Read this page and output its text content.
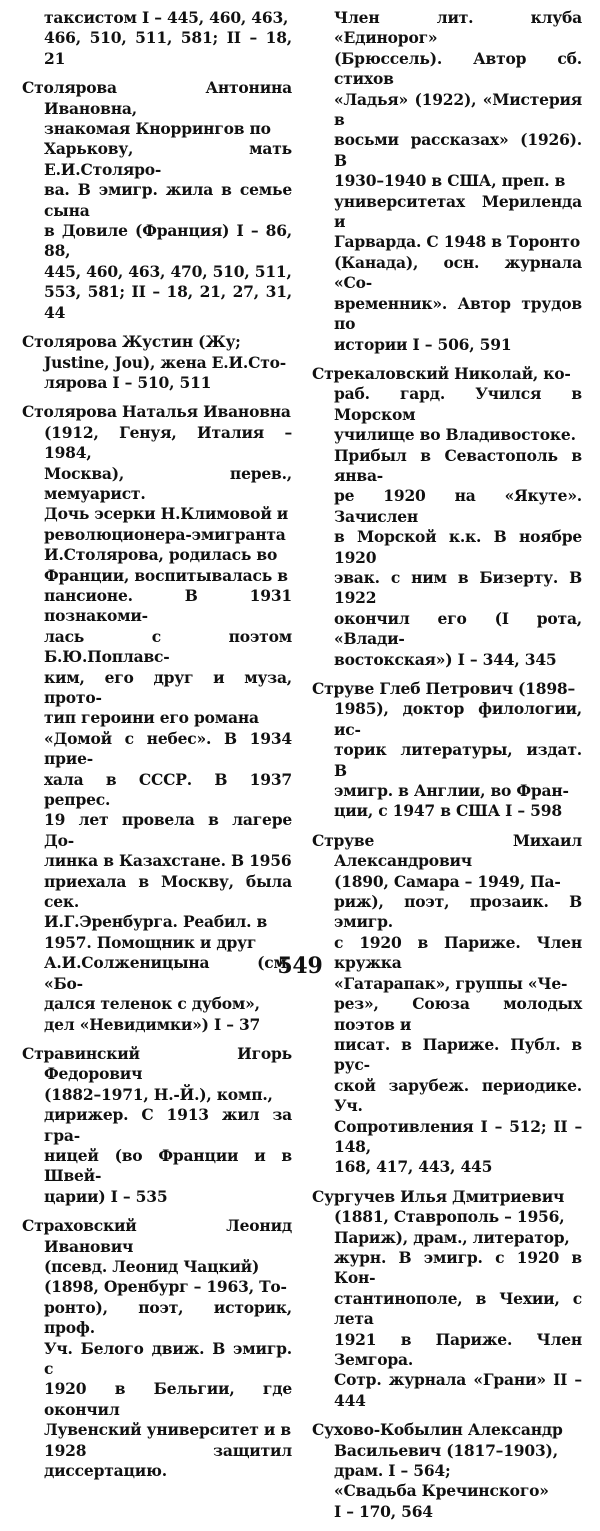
таксистом I – 445, 460, 463,
466, 510, 511, 581; II – 18, 21

Столярова Антонина Ивановна,
знакомая Кноррингов по
Харькову, мать Е.И.Столяро-
ва. В эмигр. жила в семье сына
в Довиле (Франция) I – 86, 88,
445, 460, 463, 470, 510, 511,
553, 581; II – 18, 21, 27, 31, 44

Столярова Жустин (Жу;
Justine, Jou), жена Е.И.Сто-
лярова I – 510, 511

Столярова Наталья Ивановна
(1912, Генуя, Италия – 1984,
Москва), перев., мемуарист.
Дочь эсерки Н.Климовой и
революционера-эмигранта
И.Столярова, родилась во
Франции, воспитывалась в
пансионе. В 1931 познакоми-
лась с поэтом Б.Ю.Поплавс-
ким, его друг и муза, прото-
тип героини его романа
«Домой с небес». В 1934 прие-
хала в СССР. В 1937 репрес.
19 лет провела в лагере До-
линка в Казахстане. В 1956
приехала в Москву, была сек.
И.Г.Эренбурга. Реабил. в
1957. Помощник и друг
А.И.Солженицына (см. «Бо-
дался теленок с дубом»,
дел «Невидимки») I – 37

Стравинский Игорь Федорович
(1882–1971, Н.-Й.), комп.,
дирижер. С 1913 жил за гра-
ницей (во Франции и в Швей-
царии) I – 535

Страховский Леонид Иванович
(псевд. Леонид Чацкий)
(1898, Оренбург – 1963, То-
ронто), поэт, историк, проф.
Уч. Белого движ. В эмигр. с
1920 в Бельгии, где окончил
Лувенский университет и в
1928 защитил диссертацию.

Член лит. клуба «Единорог»
(Брюссель). Автор сб. стихов
«Ладья» (1922), «Мистерия в
восьми рассказах» (1926). В
1930–1940 в США, преп. в
университетах Мериленда и
Гарварда. С 1948 в Торонто
(Канада), осн. журнала «Со-
временник». Автор трудов по
истории I – 506, 591

Стрекаловский Николай, ко-
раб. гард. Учился в Морском
училище во Владивостоке.
Прибыл в Севастополь в янва-
ре 1920 на «Якуте». Зачислен
в Морской к.к. В ноябре 1920
эвак. с ним в Бизерту. В 1922
окончил его (I рота, «Влади-
востокская») I – 344, 345

Струве Глеб Петрович (1898–
1985), доктор филологии, ис-
торик литературы, издат. В
эмигр. в Англии, во Фран-
ции, с 1947 в США I – 598

Струве Михаил Александрович
(1890, Самара – 1949, Па-
риж), поэт, прозаик. В эмигр.
с 1920 в Париже. Член кружка
«Гатарапак», группы «Че-
рез», Союза молодых поэтов и
писат. в Париже. Публ. в рус-
ской зарубеж. периодике. Уч.
Сопротивления I – 512; II – 148,
168, 417, 443, 445

Сургучев Илья Дмитриевич
(1881, Ставрополь – 1956,
Париж), драм., литератор,
журн. В эмигр. с 1920 в Кон-
стантинополе, в Чехии, с лета
1921 в Париже. Член Земгора.
Сотр. журнала «Грани» II – 444

Сухово-Кобылин Александр
Васильевич (1817–1903),
драм. I – 564;
«Свадьба Кречинского»
I – 170, 564

549
